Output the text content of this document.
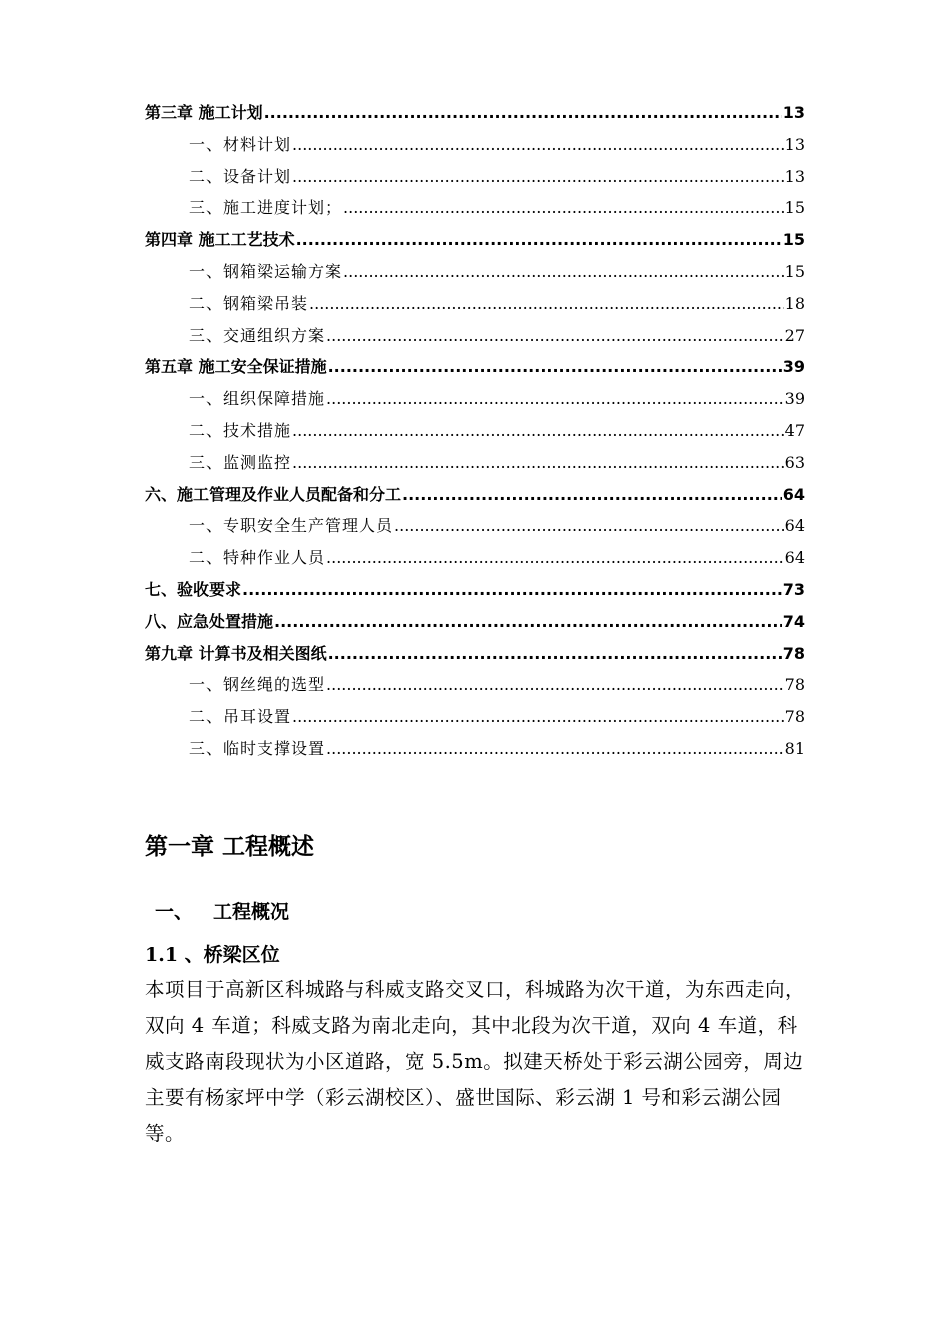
第三章 施工计划 .....	13
一、材料计划 .....	13
二、设备计划 .....	13
三、施工进度计划； .....	15
第四章 施工工艺技术 .....	15
一、钢箱梁运输方案 .....	15
二、钢箱梁吊装 .....	18
三、交通组织方案 .....	27
第五章 施工安全保证措施 .....	39
一、组织保障措施 .....	39
二、技术措施 .....	47
三、监测监控 .....	63
六、施工管理及作业人员配备和分工 .....	64
一、专职安全生产管理人员 .....	64
二、特种作业人员 .....	64
七、验收要求 .....	73
八、应急处置措施 .....	74
第九章 计算书及相关图纸 .....	78
一、钢丝绳的选型 .....	78
二、吊耳设置 .....	78
三、临时支撑设置 .....	81
第一章 工程概述
一、	工程概况
1.1 、桥梁区位

本项目于高新区科城路与科威支路交叉口，科城路为次干道，为东西走向，双向 4 车道；科威支路为南北走向，其中北段为次干道，双向 4 车道，科威支路南段现状为小区道路，宽 5.5m。拟建天桥处于彩云湖公园旁，周边主要有杨家坪中学（彩云湖校区）、盛世国际、彩云湖 1 号和彩云湖公园等。
